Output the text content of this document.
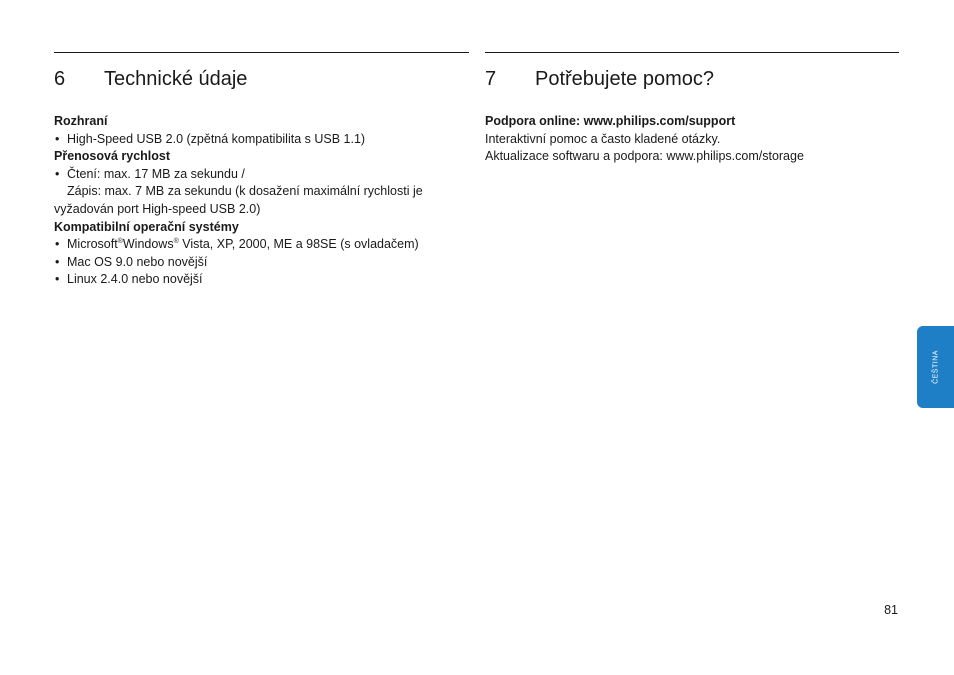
6 Technické údaje
Rozhraní
• High-Speed USB 2.0 (zpětná kompatibilita s USB 1.1)
Přenosová rychlost
• Čtení: max. 17 MB za sekundu /
Zápis: max. 7 MB za sekundu (k dosažení maximální rychlosti je
vyžadován port High-speed USB 2.0)
Kompatibilní operační systémy
• Microsoft®Windows® Vista, XP, 2000, ME a 98SE (s ovladačem)
• Mac OS 9.0 nebo novější
• Linux 2.4.0 nebo novější
7 Potřebujete pomoc?
Podpora online: www.philips.com/support
Interaktivní pomoc a často kladené otázky.
Aktualizace softwaru a podpora: www.philips.com/storage
ČEŠTINA
81
